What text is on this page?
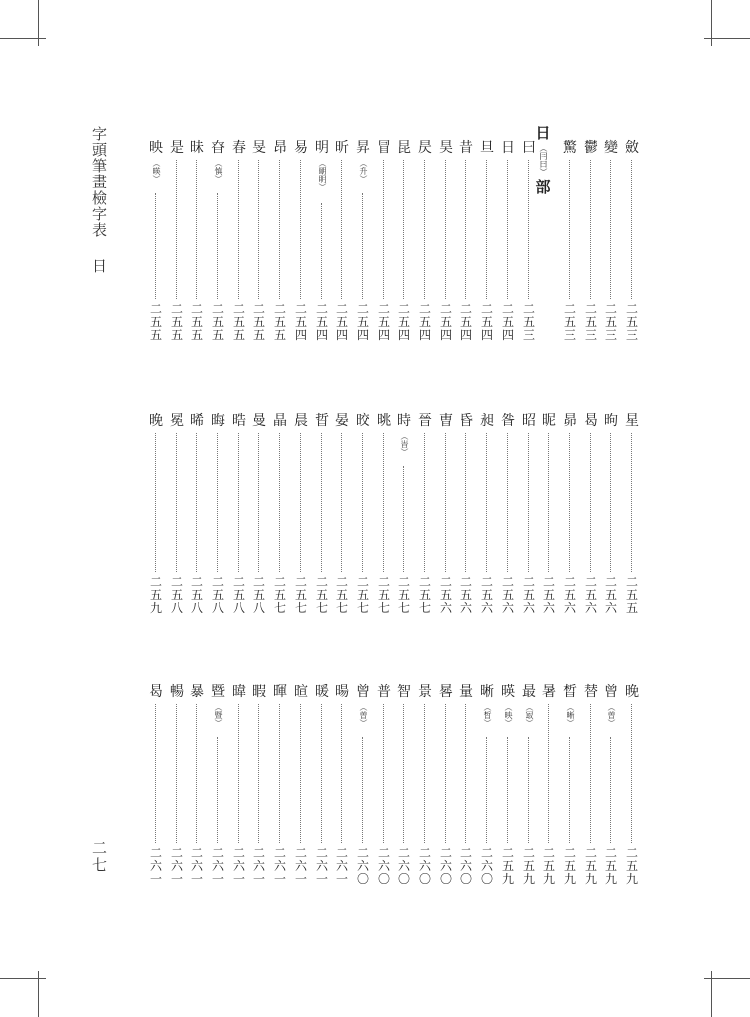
字頭筆畫檢字表 日
二七
日
（冃曰）
部
斂
二
五
三
變
二
五
三
鬱
二
五
三
驚
二
五
三
曰
二
五
三
日
二
五
四
旦
二
五
四
昔
二
五
四
昊
二
五
四
昃
二
五
四
昆
二
五
四
冒
二
五
四
昇
（升）
二
五
四
昕
二
五
四
明
（朙眀）
二
五
四
易
二
五
四
昂
二
五
五
旻
二
五
五
春
二
五
五
昚
（慎）
二
五
五
昧
二
五
五
是
二
五
五
映
（暎）
二
五
五
星
二
五
五
昫
二
五
六
曷
二
五
六
昴
二
五
六
昵
二
五
六
昭
二
五
六
昝
二
五
六
昶
二
五
六
昏
二
五
六
曺
二
五
六
晉
二
五
七
時
（旹）
二
五
七
晀
二
五
七
晈
二
五
七
晏
二
五
七
晢
二
五
七
晨
二
五
七
晶
二
五
七
曼
二
五
八
晧
二
五
八
晦
二
五
八
晞
二
五
八
冕
二
五
八
晚
二
五
九
晚
二
五
九
曾
（曽）
二
五
九
替
二
五
九
晳
（晰）
二
五
九
暑
二
五
九
最
（冣）
二
五
九
暎
（映）
二
五
九
晰
（晳）
二
六
〇
量
二
六
〇
晷
二
六
〇
景
二
六
〇
智
二
六
〇
普
二
六
〇
曾
（曽）
二
六
〇
暘
二
六
一
暖
二
六
一
暄
二
六
一
暉
二
六
一
暇
二
六
一
暐
二
六
一
暨
（暨）
二
六
一
暴
二
六
一
暢
二
六
一
曷
二
六
一
